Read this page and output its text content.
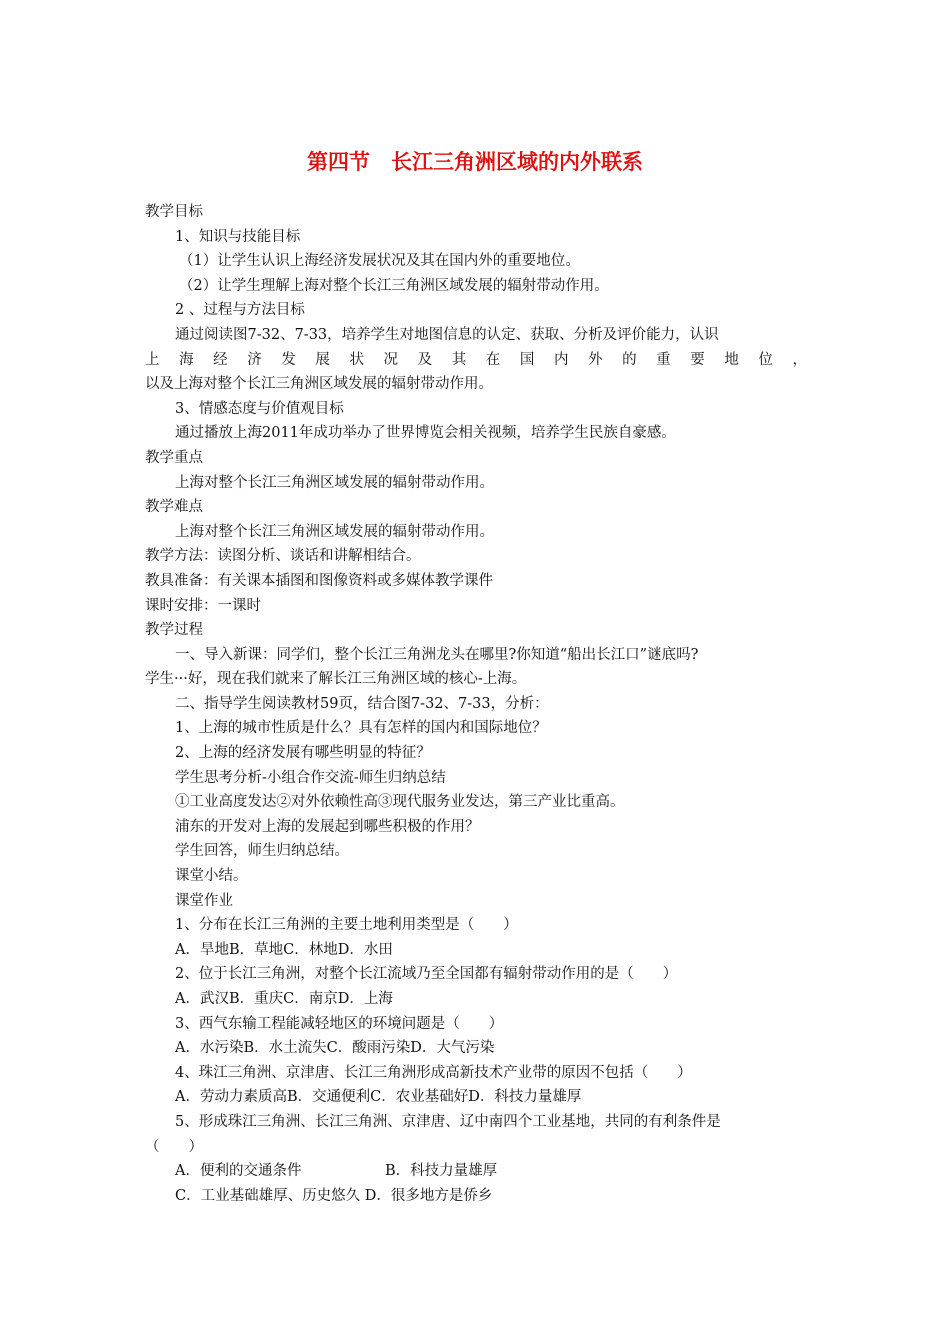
第四节　长江三角洲区域的内外联系
教学目标
1、知识与技能目标
（1）让学生认识上海经济发展状况及其在国内外的重要地位。
（2）让学生理解上海对整个长江三角洲区域发展的辐射带动作用。
2 、过程与方法目标
通过阅读图7-32、7-33，培养学生对地图信息的认定、获取、分析及评价能力，认识
上 海 经 济 发 展 状 况 及 其 在 国 内 外 的 重 要 地 位 ，
以及上海对整个长江三角洲区域发展的辐射带动作用。
3、情感态度与价值观目标
通过播放上海2011年成功举办了世界博览会相关视频，培养学生民族自豪感。
教学重点
上海对整个长江三角洲区域发展的辐射带动作用。
教学难点
上海对整个长江三角洲区域发展的辐射带动作用。
教学方法：读图分析、谈话和讲解相结合。
教具准备：有关课本插图和图像资料或多媒体教学课件
课时安排：一课时
教学过程
一、导入新课：同学们，整个长江三角洲龙头在哪里?你知道“船出长江口”谜底吗?
学生···好，现在我们就来了解长江三角洲区域的核心-上海。
二、指导学生阅读教材59页，结合图7-32、7-33，分析：
1、上海的城市性质是什么？具有怎样的国内和国际地位？
2、上海的经济发展有哪些明显的特征？
学生思考分析-小组合作交流-师生归纳总结
①工业高度发达②对外依赖性高③现代服务业发达，第三产业比重高。
浦东的开发对上海的发展起到哪些积极的作用？
学生回答，师生归纳总结。
课堂小结。
课堂作业
1、分布在长江三角洲的主要土地利用类型是（　　）
A．旱地B．草地C．林地D．水田
2、位于长江三角洲，对整个长江流域乃至全国都有辐射带动作用的是（　　）
A．武汉B．重庆C．南京D．上海
3、西气东输工程能减轻地区的环境问题是（　　）
A．水污染B．水土流失C．酸雨污染D．大气污染
4、珠江三角洲、京津唐、长江三角洲形成高新技术产业带的原因不包括（　　）
A．劳动力素质高B．交通便利C．农业基础好D．科技力量雄厚
5、形成珠江三角洲、长江三角洲、京津唐、辽中南四个工业基地，共同的有利条件是
（　　）
A．便利的交通条件	B．科技力量雄厚
C．工业基础雄厚、历史悠久 D．很多地方是侨乡
